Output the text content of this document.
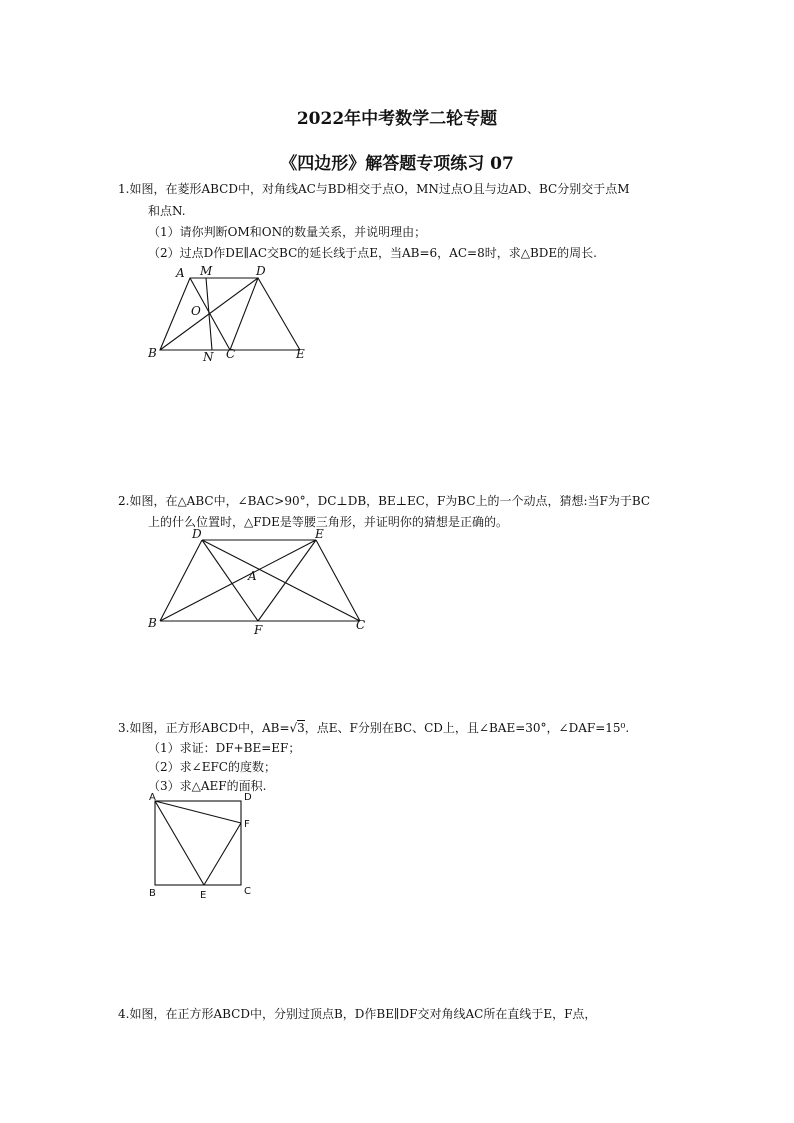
2022年中考数学二轮专题
《四边形》解答题专项练习 07
1.如图，在菱形ABCD中，对角线AC与BD相交于点O，MN过点O且与边AD、BC分别交于点M
和点N.
（1）请你判断OM和ON的数量关系，并说明理由；
（2）过点D作DE∥AC交BC的延长线于点E，当AB=6，AC=8时，求△BDE的周长.
A M	D
O
B	N C	E
2.如图，在△ABC中，∠BAC>90°，DC⊥DB，BE⊥EC，F为BC上的一个动点，猜想:当F为于BC
上的什么位置时，△FDE是等腰三角形，并证明你的猜想是正确的。
D	E
A
B	F	C
3.如图，正方形ABCD中，AB=√3，点E、F分别在BC、CD上，且∠BAE=30°，∠DAF=15⁰.
（1）求证：DF+BE=EF；
（2）求∠EFC的度数；
（3）求△AEF的面积.
A	D
F
B	E	C
4.如图，在正方形ABCD中，分别过顶点B，D作BE∥DF交对角线AC所在直线于E，F点，
